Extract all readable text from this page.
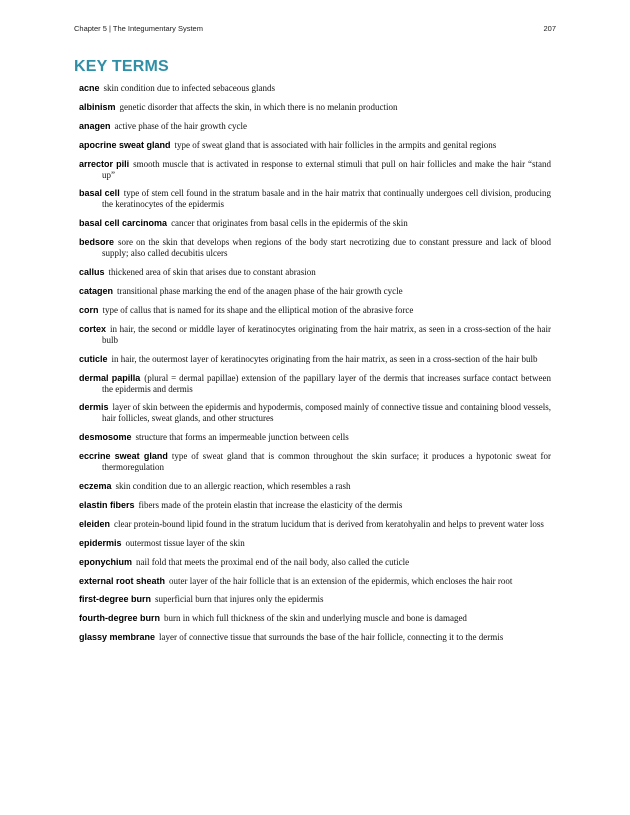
Chapter 5 | The Integumentary System	207
KEY TERMS

acne skin condition due to infected sebaceous glands

albinism genetic disorder that affects the skin, in which there is no melanin production

anagen active phase of the hair growth cycle

apocrine sweat gland type of sweat gland that is associated with hair follicles in the armpits and genital regions

arrector pili smooth muscle that is activated in response to external stimuli that pull on hair follicles and make the hair “stand up”

basal cell type of stem cell found in the stratum basale and in the hair matrix that continually undergoes cell division, producing the keratinocytes of the epidermis

basal cell carcinoma cancer that originates from basal cells in the epidermis of the skin

bedsore sore on the skin that develops when regions of the body start necrotizing due to constant pressure and lack of blood supply; also called decubitis ulcers

callus thickened area of skin that arises due to constant abrasion

catagen transitional phase marking the end of the anagen phase of the hair growth cycle

corn type of callus that is named for its shape and the elliptical motion of the abrasive force

cortex in hair, the second or middle layer of keratinocytes originating from the hair matrix, as seen in a cross-section of the hair bulb

cuticle in hair, the outermost layer of keratinocytes originating from the hair matrix, as seen in a cross-section of the hair bulb

dermal papilla (plural = dermal papillae) extension of the papillary layer of the dermis that increases surface contact between the epidermis and dermis

dermis layer of skin between the epidermis and hypodermis, composed mainly of connective tissue and containing blood vessels, hair follicles, sweat glands, and other structures

desmosome structure that forms an impermeable junction between cells

eccrine sweat gland type of sweat gland that is common throughout the skin surface; it produces a hypotonic sweat for thermoregulation

eczema skin condition due to an allergic reaction, which resembles a rash

elastin fibers fibers made of the protein elastin that increase the elasticity of the dermis

eleiden clear protein-bound lipid found in the stratum lucidum that is derived from keratohyalin and helps to prevent water loss

epidermis outermost tissue layer of the skin

eponychium nail fold that meets the proximal end of the nail body, also called the cuticle

external root sheath outer layer of the hair follicle that is an extension of the epidermis, which encloses the hair root

first-degree burn superficial burn that injures only the epidermis

fourth-degree burn burn in which full thickness of the skin and underlying muscle and bone is damaged

glassy membrane layer of connective tissue that surrounds the base of the hair follicle, connecting it to the dermis
